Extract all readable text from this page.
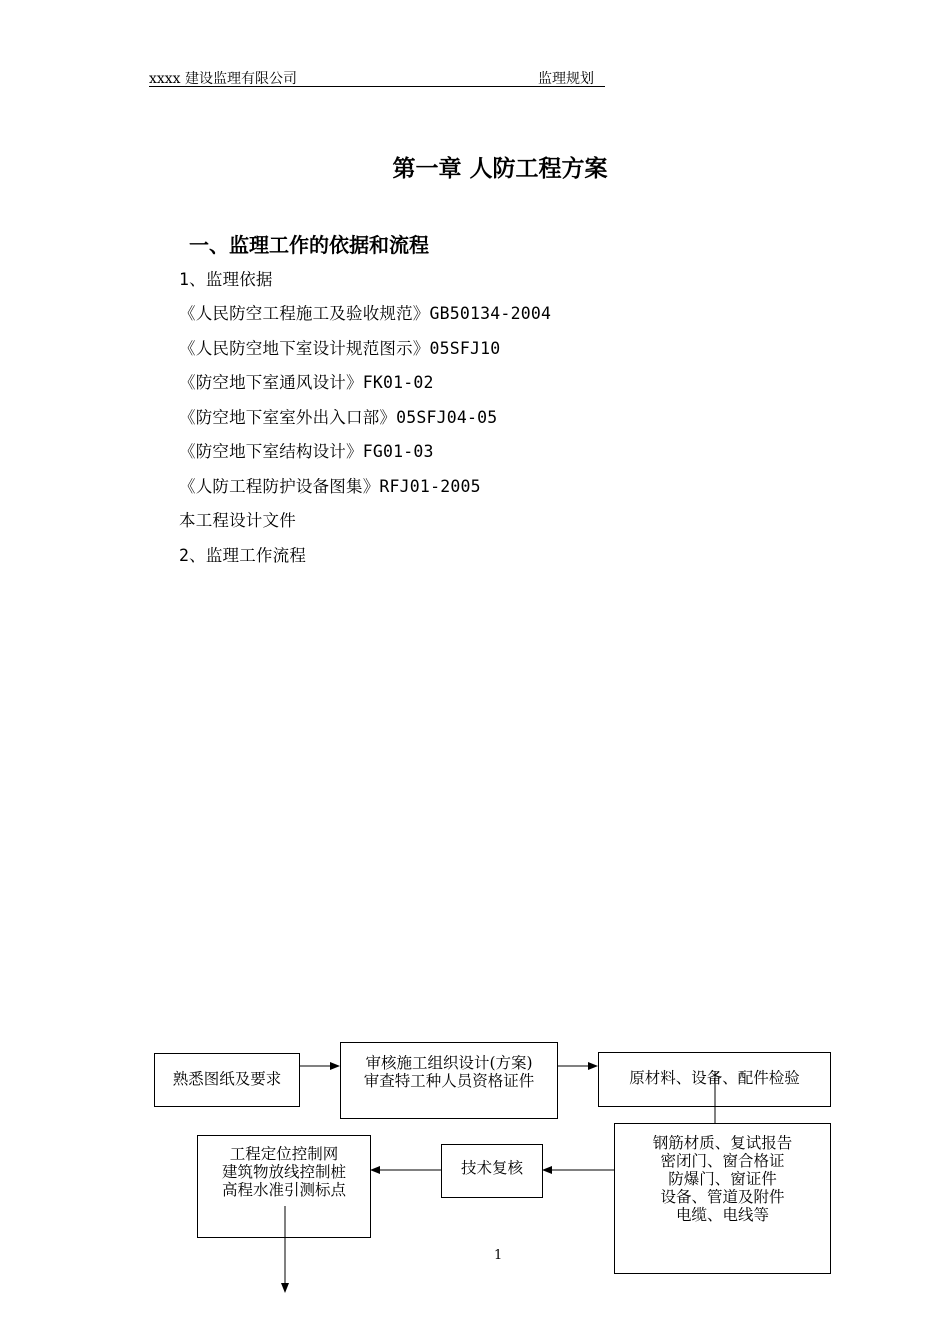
xxxx 建设监理有限公司	监理规划
第一章 人防工程方案
一、监理工作的依据和流程
1、监理依据
《人民防空工程施工及验收规范》GB50134-2004
《人民防空地下室设计规范图示》05SFJ10
《防空地下室通风设计》FK01-02
《防空地下室室外出入口部》05SFJ04-05
《防空地下室结构设计》FG01-03
《人防工程防护设备图集》RFJ01-2005
本工程设计文件
2、监理工作流程
熟悉图纸及要求
审核施工组织设计(方案)
审查特工种人员资格证件	原材料、设备、配件检验
钢筋材质、复试报告
密闭门、窗合格证
防爆门、窗证件
设备、管道及附件
电缆、电线等
技术复核
工程定位控制网
建筑物放线控制桩
高程水准引测标点
1
